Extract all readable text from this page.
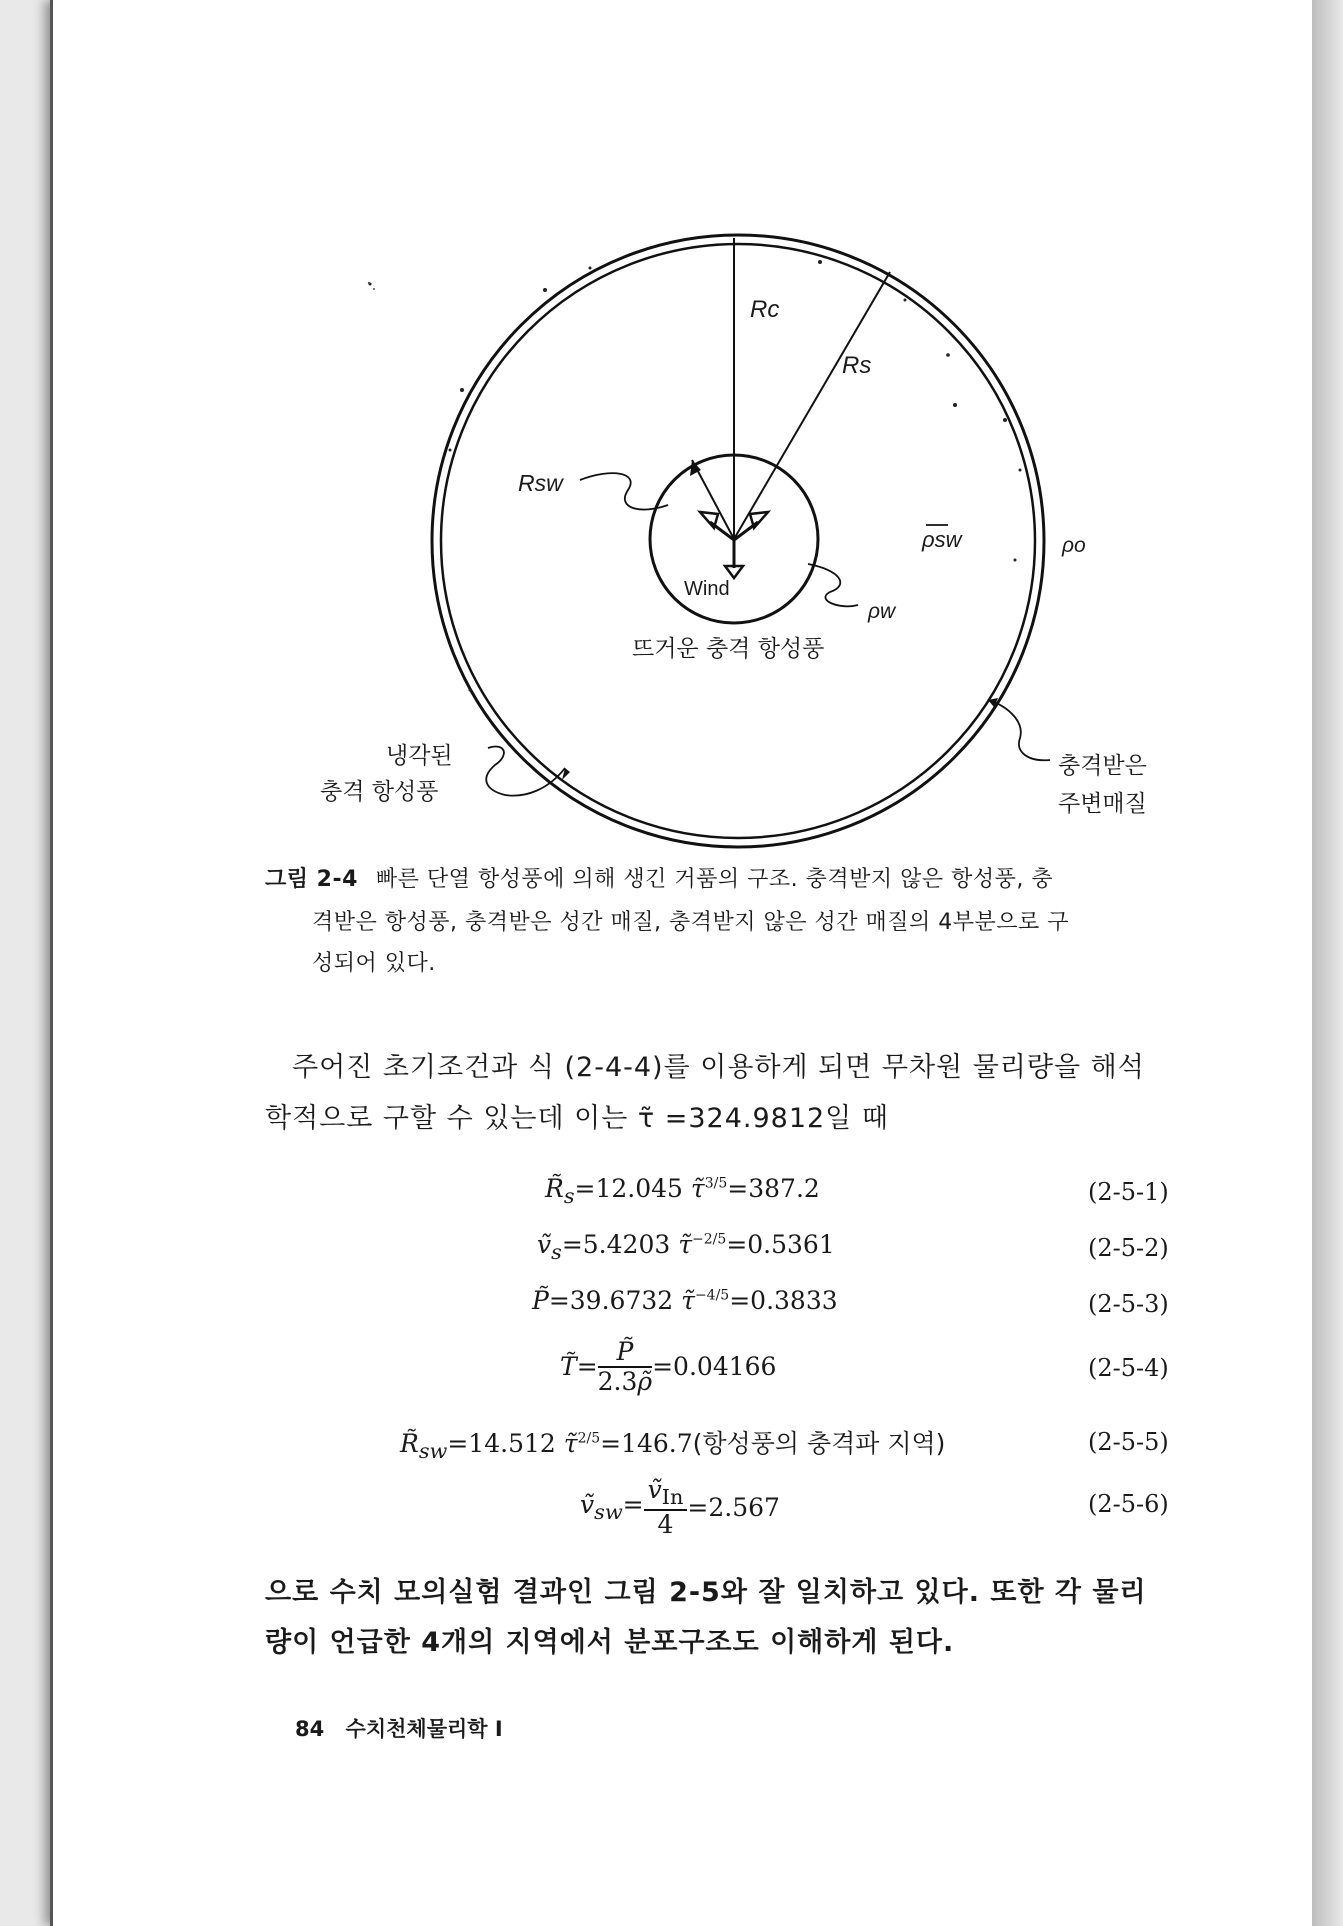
Rc
Rs
Rsw
ρsw	ρo
ρw
Wind
뜨거운 충격 항성풍
냉각된
충격 항성풍
충격받은
주변매질
그림 2-4 빠른 단열 항성풍에 의해 생긴 거품의 구조. 충격받지 않은 항성풍, 충
격받은 항성풍, 충격받은 성간 매질, 충격받지 않은 성간 매질의 4부분으로 구
성되어 있다.
주어진 초기조건과 식 (2-4-4)를 이용하게 되면 무차원 물리량을 해석
학적으로 구할 수 있는데 이는 τ̃ =324.9812일 때
$R̃_s=12.045$ τ̃$^{3/5}$=387.2	(2-5-1)
ṽ$_s$=5.4203 τ̃$^{-2/5}$=0.5361	(2-5-2)
P̃=39.6732 τ̃$^{-4/5}$=0.3833	(2-5-3)
T̃= $\frac{P̃}{2.3\rhõ} =0.04166$	(2-5-4)
$R̃_{sw}=14.512$ τ̃$^{2/5}$=146.7(항성풍의 충격파 지역)	(2-5-5)
ṽ$_{sw}$=
ṽ$_{In}$
4
=2.567	(2-5-6)
으로 수치 모의실험 결과인 그림 2-5와 잘 일치하고 있다. 또한 각 물리
량이 언급한 4개의 지역에서 분포구조도 이해하게 된다.
84 수치천체물리학 Ⅰ
